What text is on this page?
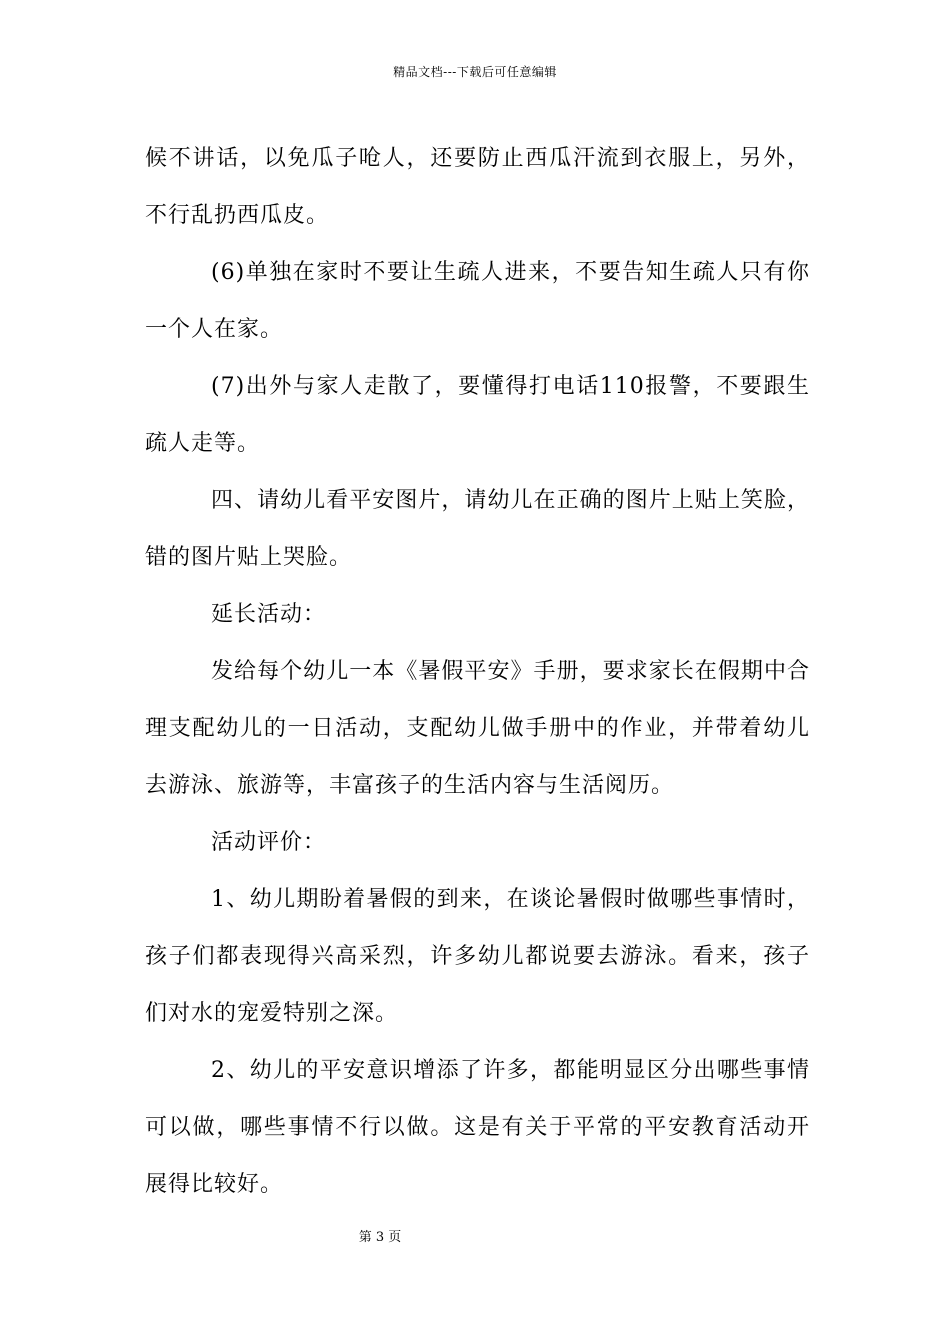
精品文档---下载后可任意编辑

候不讲话，以免瓜子呛人，还要防止西瓜汗流到衣服上，另外，不行乱扔西瓜皮。

(6)单独在家时不要让生疏人进来，不要告知生疏人只有你一个人在家。

(7)出外与家人走散了，要懂得打电话110报警，不要跟生疏人走等。

四、请幼儿看平安图片，请幼儿在正确的图片上贴上笑脸，错的图片贴上哭脸。

延长活动：

发给每个幼儿一本《暑假平安》手册，要求家长在假期中合理支配幼儿的一日活动，支配幼儿做手册中的作业，并带着幼儿去游泳、旅游等，丰富孩子的生活内容与生活阅历。

活动评价：

1、幼儿期盼着暑假的到来，在谈论暑假时做哪些事情时，孩子们都表现得兴高采烈，许多幼儿都说要去游泳。看来，孩子们对水的宠爱特别之深。

2、幼儿的平安意识增添了许多，都能明显区分出哪些事情可以做，哪些事情不行以做。这是有关于平常的平安教育活动开展得比较好。

第 3 页
